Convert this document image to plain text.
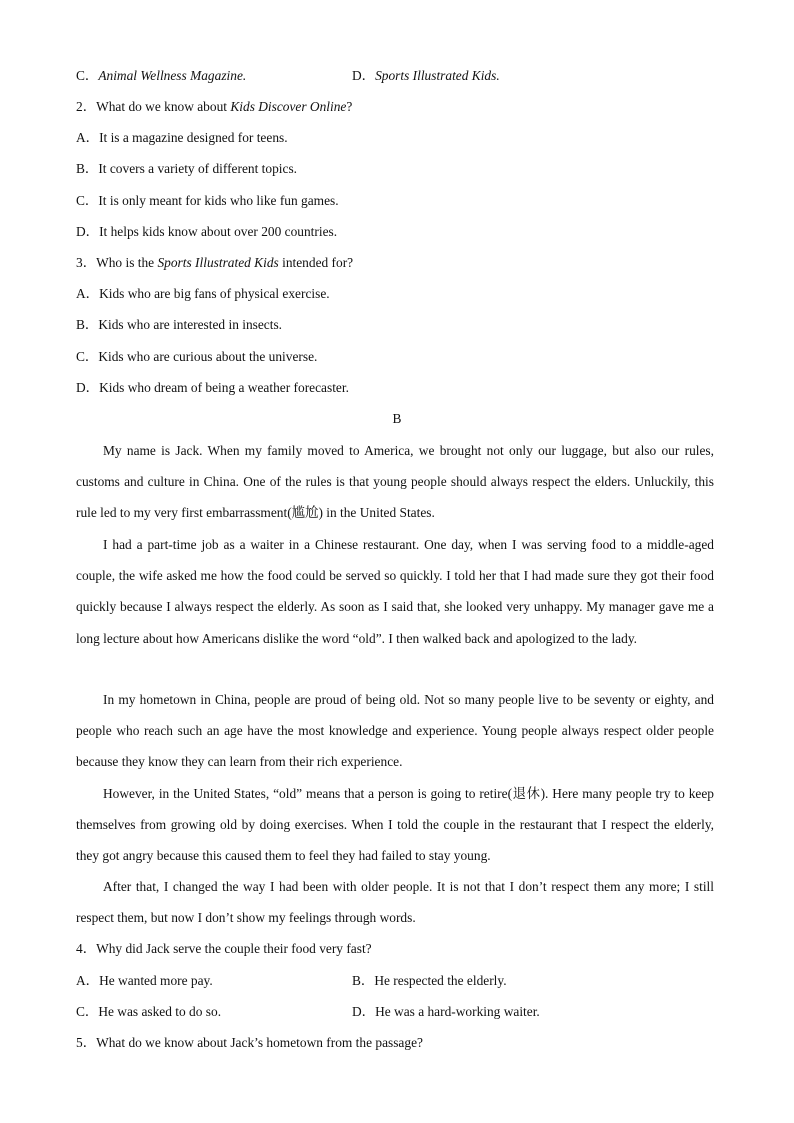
C．Animal Wellness Magazine.	D．Sports Illustrated Kids.
2．What do we know about Kids Discover Online?
A．It is a magazine designed for teens.
B．It covers a variety of different topics.
C．It is only meant for kids who like fun games.
D．It helps kids know about over 200 countries.
3．Who is the Sports Illustrated Kids intended for?
A．Kids who are big fans of physical exercise.
B．Kids who are interested in insects.
C．Kids who are curious about the universe.
D．Kids who dream of being a weather forecaster.
B
My name is Jack. When my family moved to America, we brought not only our luggage, but also our rules, customs and culture in China. One of the rules is that young people should always respect the elders. Unluckily, this rule led to my very first embarrassment(尴尬) in the United States.
I had a part-time job as a waiter in a Chinese restaurant. One day, when I was serving food to a middle-aged couple, the wife asked me how the food could be served so quickly. I told her that I had made sure they got their food quickly because I always respect the elderly. As soon as I said that, she looked very unhappy. My manager gave me a long lecture about how Americans dislike the word “old”. I then walked back and apologized to the lady.
In my hometown in China, people are proud of being old. Not so many people live to be seventy or eighty, and people who reach such an age have the most knowledge and experience. Young people always respect older people because they know they can learn from their rich experience.
However, in the United States, “old” means that a person is going to retire(退休). Here many people try to keep themselves from growing old by doing exercises. When I told the couple in the restaurant that I respect the elderly, they got angry because this caused them to feel they had failed to stay young.
After that, I changed the way I had been with older people. It is not that I don’t respect them any more; I still respect them, but now I don’t show my feelings through words.
4．Why did Jack serve the couple their food very fast?
A．He wanted more pay.	B．He respected the elderly.
C．He was asked to do so.	D．He was a hard-working waiter.
5．What do we know about Jack’s hometown from the passage?
